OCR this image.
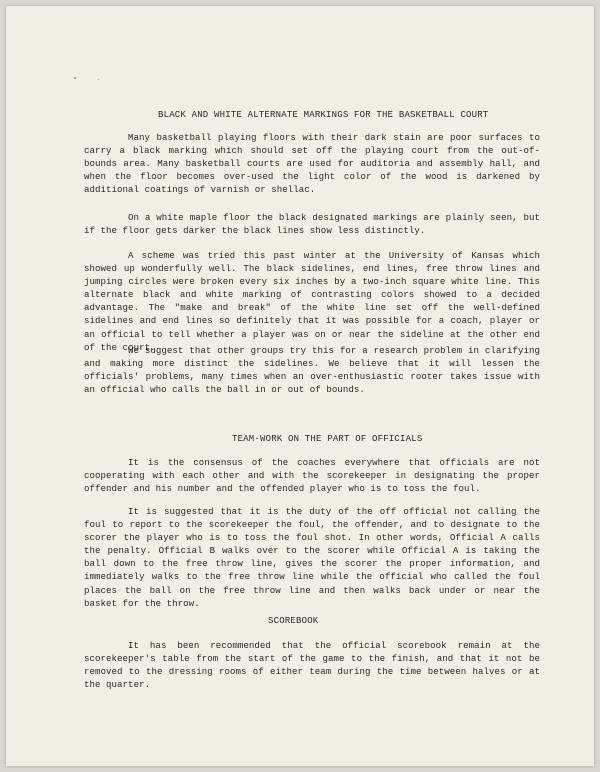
BLACK AND WHITE ALTERNATE MARKINGS FOR THE BASKETBALL COURT

Many basketball playing floors with their dark stain are poor surfaces to carry a black marking which should set off the playing court from the out-of-bounds area. Many basketball courts are used for auditoria and assembly hall, and when the floor becomes over-used the light color of the wood is darkened by additional coatings of varnish or shellac.

On a white maple floor the black designated markings are plainly seen, but if the floor gets darker the black lines show less distinctly.

A scheme was tried this past winter at the University of Kansas which showed up wonderfully well. The black sidelines, end lines, free throw lines and jumping circles were broken every six inches by a two-inch square white line. This alternate black and white marking of contrasting colors showed to a decided advantage. The "make and break" of the white line set off the well-defined sidelines and end lines so definitely that it was possible for a coach, player or an official to tell whether a player was on or near the sideline at the other end of the court.

We suggest that other groups try this for a research problem in clarifying and making more distinct the sidelines. We believe that it will lessen the officials' problems, many times when an over-enthusiastic rooter takes issue with an official who calls the ball in or out of bounds.

TEAM-WORK ON THE PART OF OFFICIALS

It is the consensus of the coaches everywhere that officials are not cooperating with each other and with the scorekeeper in designating the proper offender and his number and the offended player who is to toss the foul.

It is suggested that it is the duty of the off official not calling the foul to report to the scorekeeper the foul, the offender, and to designate to the scorer the player who is to toss the foul shot. In other words, Official A calls the penalty. Official B walks over to the scorer while Official A is taking the ball down to the free throw line, gives the scorer the proper information, and immediately walks to the free throw line while the official who called the foul places the ball on the free throw line and then walks back under or near the basket for the throw.

SCOREBOOK

It has been recommended that the official scorebook remain at the scorekeeper's table from the start of the game to the finish, and that it not be removed to the dressing rooms of either team during the time between halves or at the quarter.
